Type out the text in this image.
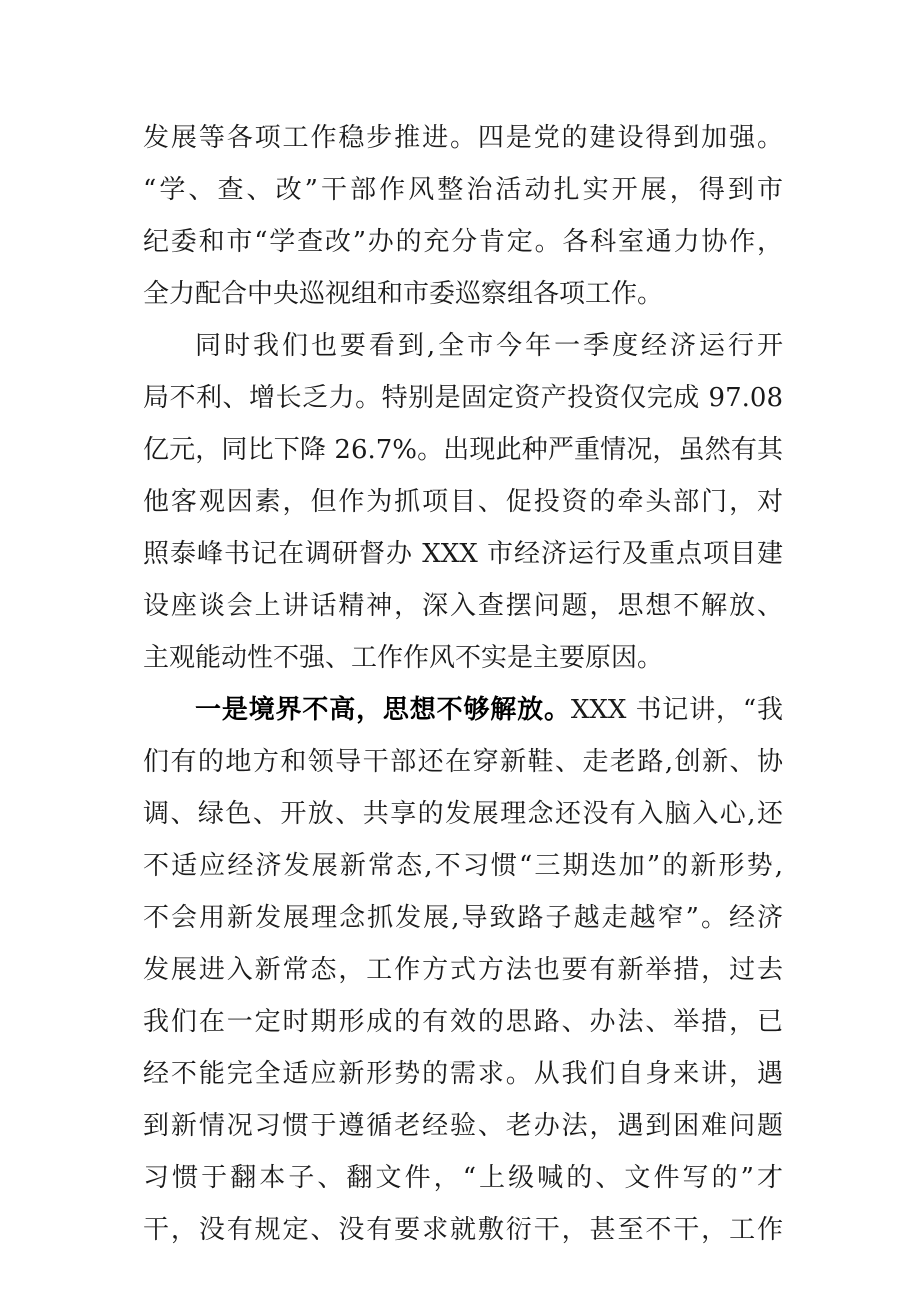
发展等各项工作稳步推进。四是党的建设得到加强。
“学、查、改”干部作风整治活动扎实开展，得到市
纪委和市“学查改”办的充分肯定。各科室通力协作，
全力配合中央巡视组和市委巡察组各项工作。
同时我们也要看到,全市今年一季度经济运行开
局不利、增长乏力。特别是固定资产投资仅完成 97.08
亿元，同比下降 26.7%。出现此种严重情况，虽然有其
他客观因素，但作为抓项目、促投资的牵头部门，对
照泰峰书记在调研督办 XXX 市经济运行及重点项目建
设座谈会上讲话精神，深入查摆问题，思想不解放、
主观能动性不强、工作作风不实是主要原因。
一是境界不高，思想不够解放。XXX 书记讲，“我
们有的地方和领导干部还在穿新鞋、走老路,创新、协
调、绿色、开放、共享的发展理念还没有入脑入心,还
不适应经济发展新常态,不习惯“三期迭加”的新形势,
不会用新发展理念抓发展,导致路子越走越窄”。经济
发展进入新常态，工作方式方法也要有新举措，过去
我们在一定时期形成的有效的思路、办法、举措，已
经不能完全适应新形势的需求。从我们自身来讲，遇
到新情况习惯于遵循老经验、老办法，遇到困难问题
习惯于翻本子、翻文件，“上级喊的、文件写的”才
干，没有规定、没有要求就敷衍干，甚至不干，工作
